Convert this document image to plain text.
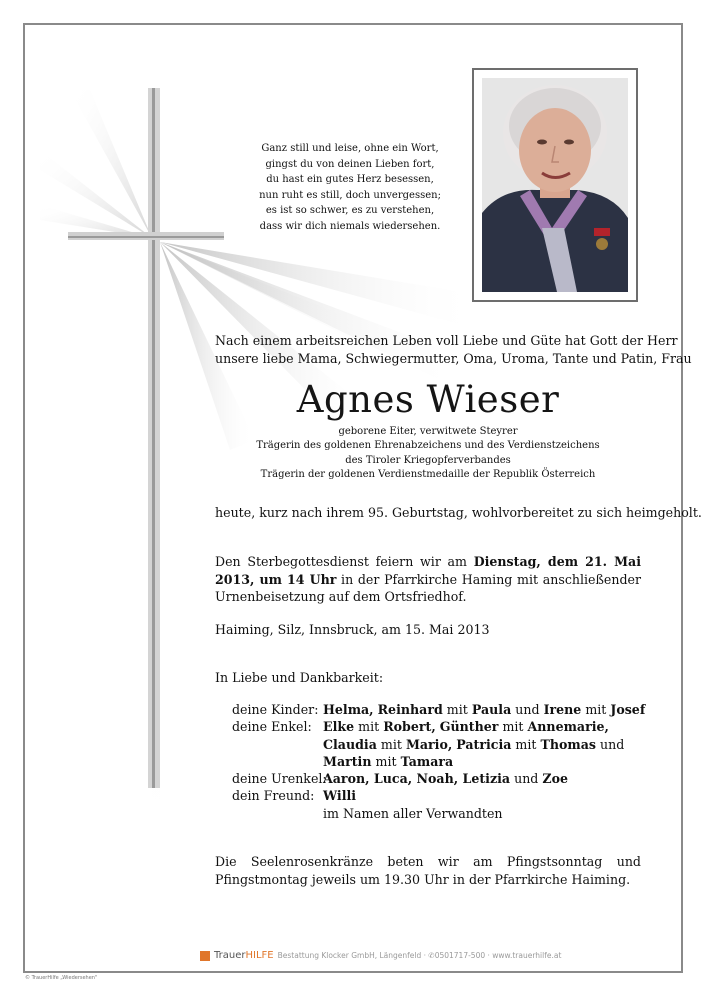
Ganz still und leise, ohne ein Wort,
gingst du von deinen Lieben fort,
du hast ein gutes Herz besessen,
nun ruht es still, doch unvergessen;
es ist so schwer, es zu verstehen,
dass wir dich niemals wiedersehen.
Nach einem arbeitsreichen Leben voll Liebe und Güte hat Gott der Herr
unsere liebe Mama, Schwiegermutter, Oma, Uroma, Tante und Patin, Frau
Agnes Wieser
geborene Eiter, verwitwete Steyrer
Trägerin des goldenen Ehrenabzeichens und des Verdienstzeichens
des Tiroler Kriegopferverbandes
Trägerin der goldenen Verdienstmedaille der Republik Österreich
heute, kurz nach ihrem 95. Geburtstag, wohlvorbereitet zu sich heimgeholt.
Den Sterbegottesdienst feiern wir am Dienstag, dem 21. Mai 2013, um 14 Uhr in der Pfarrkirche Haming mit anschließender Urnenbeisetzung auf dem Ortsfriedhof.
Haiming, Silz, Innsbruck, am 15. Mai 2013
In Liebe und Dankbarkeit:
deine Kinder: Helma, Reinhard mit Paula und Irene mit Josef
deine Enkel: Elke mit Robert, Günther mit Annemarie,
Claudia mit Mario, Patricia mit Thomas und
Martin mit Tamara
deine Urenkel:
Aaron, Luca, Noah, Letizia und Zoe
dein Freund: Willi
im Namen aller Verwandten
Die Seelenrosenkränze beten wir am Pfingstsonntag und Pfingstmontag jeweils um 19.30 Uhr in der Pfarrkirche Haiming.
TrauerHILFE Bestattung Klocker GmbH, Längenfeld · ✆0501717-500 · www.trauerhilfe.at
© TrauerHilfe „Wiedersehen"
